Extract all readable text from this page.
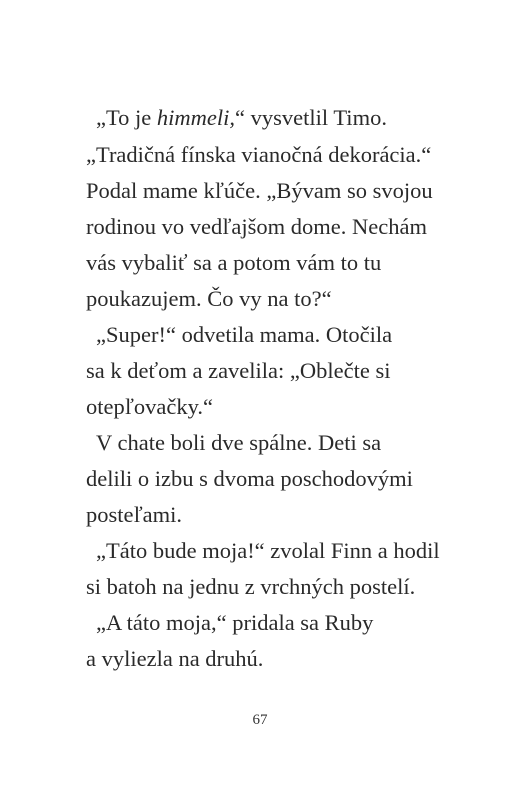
„To je himmeli,“ vysvetlil Timo.
„Tradičná fínska vianočná dekorácia.“
Podal mame kľúče. „Bývam so svojou
rodinou vo vedľajšom dome. Nechám
vás vybaliť sa a potom vám to tu
poukazujem. Čo vy na to?“
„Super!“ odvetila mama. Otočila
sa k deťom a zavelila: „Oblečte si
otepľovačky.“
V chate boli dve spálne. Deti sa
delili o izbu s dvoma poschodovými
posteľami.
„Táto bude moja!“ zvolal Finn a hodil
si batoh na jednu z vrchných postelí.
„A táto moja,“ pridala sa Ruby
a vyliezla na druhú.
67
